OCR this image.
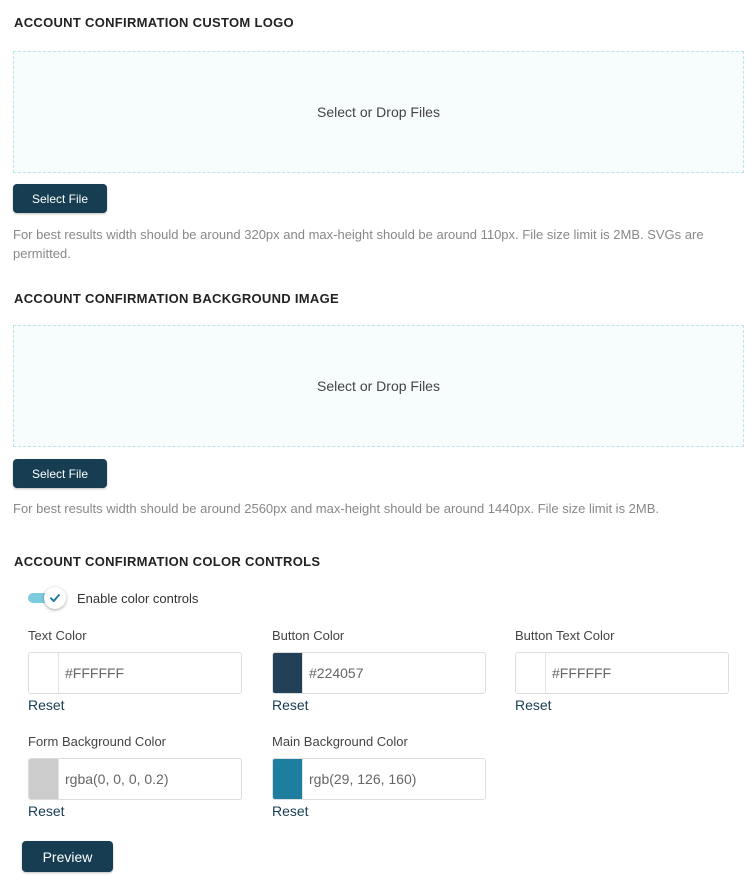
ACCOUNT CONFIRMATION CUSTOM LOGO
Select or Drop Files
Select File
For best results width should be around 320px and max-height should be around 110px. File size limit is 2MB. SVGs are permitted.
ACCOUNT CONFIRMATION BACKGROUND IMAGE
Select or Drop Files
Select File
For best results width should be around 2560px and max-height should be around 1440px. File size limit is 2MB.
ACCOUNT CONFIRMATION COLOR CONTROLS
Enable color controls
Text Color
#FFFFFF
Reset
Button Color
#224057
Reset
Button Text Color
#FFFFFF
Reset
Form Background Color
rgba(0, 0, 0, 0.2)
Reset
Main Background Color
rgb(29, 126, 160)
Reset
Preview
